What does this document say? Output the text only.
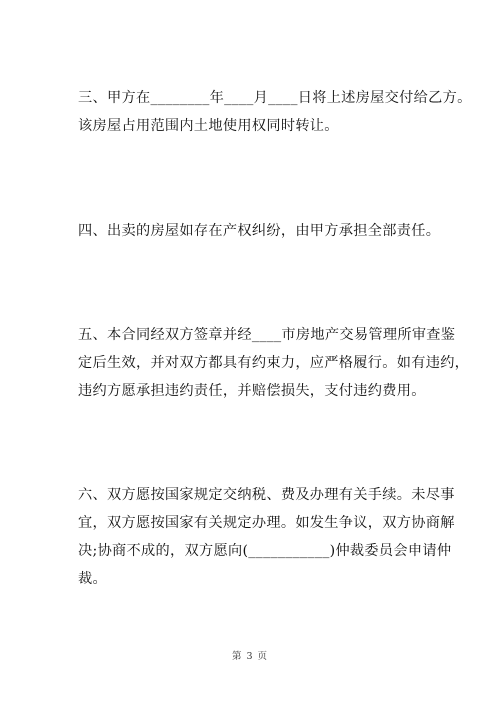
三、甲方在________年____月____日将上述房屋交付给乙方。
该房屋占用范围内土地使用权同时转让。
四、出卖的房屋如存在产权纠纷，由甲方承担全部责任。
五、本合同经双方签章并经____市房地产交易管理所审查鉴
定后生效，并对双方都具有约束力，应严格履行。如有违约，
违约方愿承担违约责任，并赔偿损失，支付违约费用。
六、双方愿按国家规定交纳税、费及办理有关手续。未尽事
宜，双方愿按国家有关规定办理。如发生争议，双方协商解
决;协商不成的，双方愿向(___________)仲裁委员会申请仲
裁。
第 3 页
